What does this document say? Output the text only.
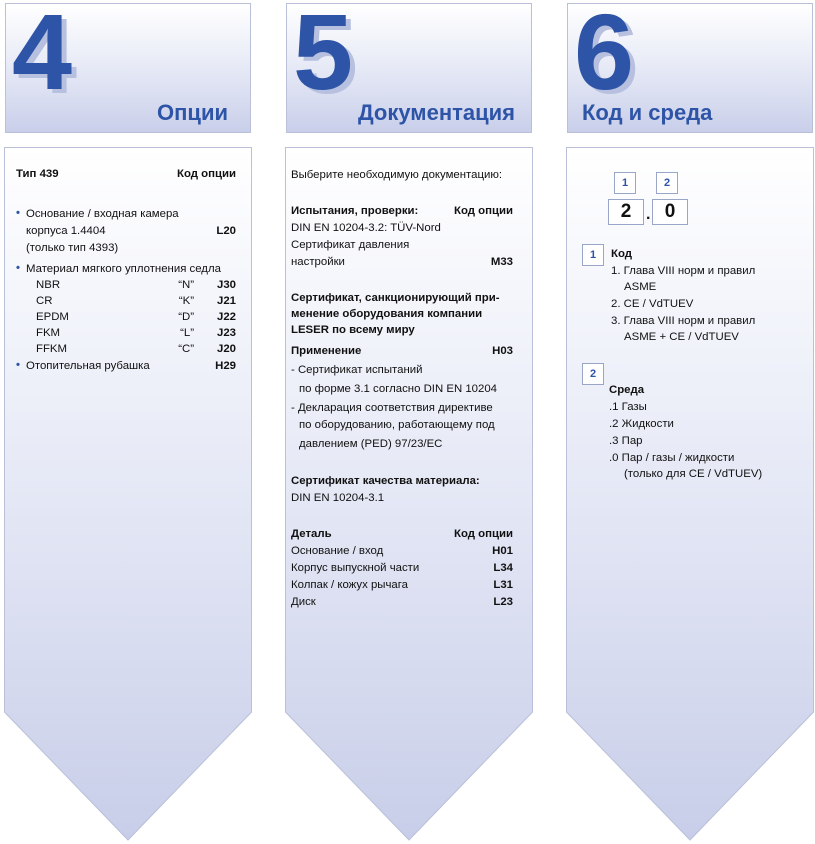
4
Опции
5
Документация
6
Код и среда
Тип 439	Код опции
• Основание / входная камера
корпуса 1.4404	L20
(только тип 4393)
• Материал мягкого уплотнения седла
NBR	“N” J30
CR	“K” J21
EPDM	“D” J22
FKM	“L” J23
FFKM	“C” J20
• Отопительная рубашка	H29
Выберите необходимую документацию:
Испытания, проверки:	Код опции
DIN EN 10204-3.2: TÜV-Nord
Сертификат давления
настройки	M33
Сертификат, санкционирующий при-
менение оборудования компании
LESER по всему миру
Применение	H03
- Сертификат испытаний
по форме 3.1 согласно DIN EN 10204
- Декларация соответствия директиве
по оборудованию, работающему под
давлением (PED) 97/23/EC
Сертификат качества материала:
DIN EN 10204-3.1
Деталь	Код опции
Основание / вход	H01
Корпус выпускной части	L34
Колпак / кожух рычага	L31
Диск	L23
1	2
2 . 0
1	Код
1. Глава VIII норм и правил
ASME
2. CE / VdTUEV
3. Глава VIII норм и правил
ASME + CE / VdTUEV
2
Среда
.1 Газы
.2 Жидкости
.3 Пар
.0 Пар / газы / жидкости
(только для CE / VdTUEV)
